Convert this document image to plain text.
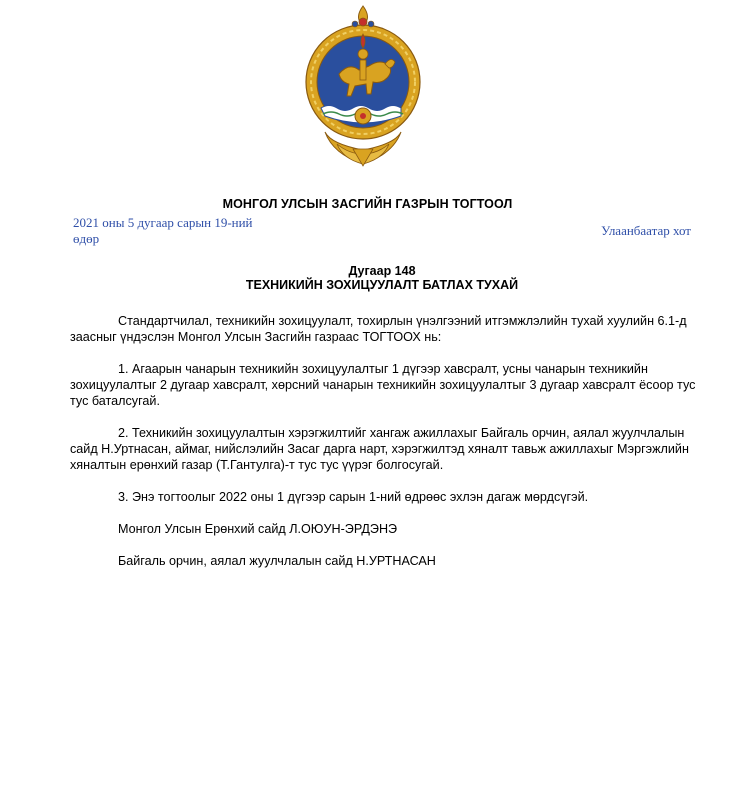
МОНГОЛ УЛСЫН ЗАСГИЙН ГАЗРЫН ТОГТООЛ
2021 оны 5 дугаар сарын 19-ний өдөр
Улаанбаатар хот
Дугаар 148
ТЕХНИКИЙН ЗОХИЦУУЛАЛТ БАТЛАХ ТУХАЙ

Стандартчилал, техникийн зохицуулалт, тохирлын үнэлгээний итгэмжлэлийн тухай хуулийн 6.1-д заасныг үндэслэн Монгол Улсын Засгийн газраас ТОГТООХ нь:

1. Агаарын чанарын техникийн зохицуулалтыг 1 дүгээр хавсралт, усны чанарын техникийн зохицуулалтыг 2 дугаар хавсралт, хөрсний чанарын техникийн зохицуулалтыг 3 дугаар хавсралт ёсоор тус тус баталсугай.

2. Техникийн зохицуулалтын хэрэгжилтийг хангаж ажиллахыг Байгаль орчин, аялал жуулчлалын сайд Н.Уртнасан, аймаг, нийслэлийн Засаг дарга нарт, хэрэгжилтэд хяналт тавьж ажиллахыг Мэргэжлийн хяналтын ерөнхий газар (Т.Гантулга)-т тус тус үүрэг болгосугай.

3. Энэ тогтоолыг 2022 оны 1 дүгээр сарын 1-ний өдрөөс эхлэн дагаж мөрдсүгэй.

Монгол Улсын Ерөнхий сайд Л.ОЮУН-ЭРДЭНЭ

Байгаль орчин, аялал жуулчлалын сайд Н.УРТНАСАН
